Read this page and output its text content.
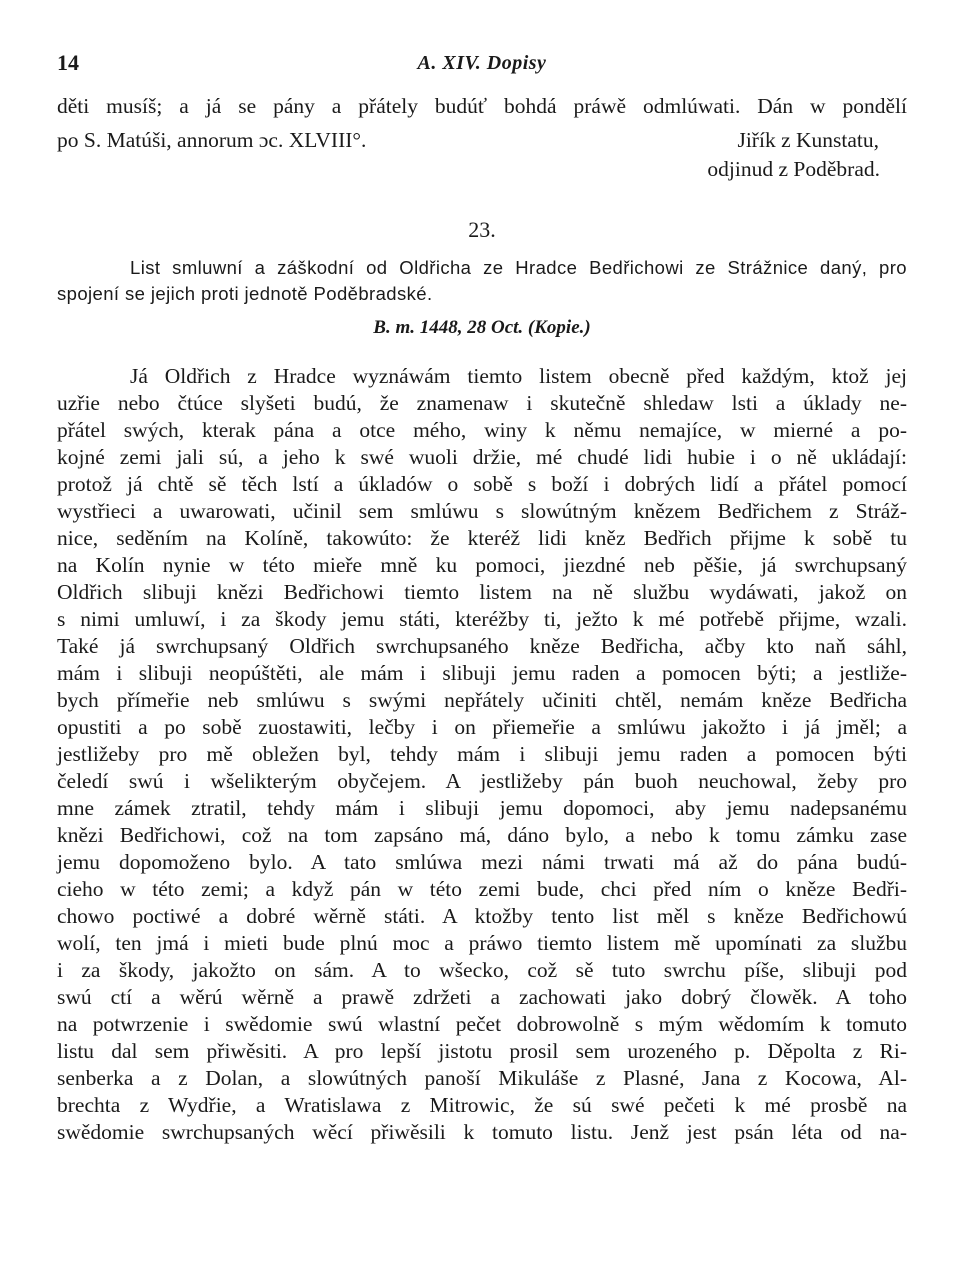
14	A. XIV. Dopisy
děti musíš; a já se pány a přátely budúť bohdá práwě odmlúwati. Dán w pondělí
po S. Matúši, annorum ɔc. XLVIII°.	Jiřík z Kunstatu,
odjinud z Poděbrad.
23.
List smluwní a záškodní od Oldřicha ze Hradce Bedřichowi ze Strážnice daný, pro
spojení se jejich proti jednotě Poděbradské.
B. m. 1448, 28 Oct. (Kopie.)
Já Oldřich z Hradce wyznáwám tiemto listem obecně před každým, ktož jej
uzřie nebo čtúce slyšeti budú, že znamenaw i skutečně shledaw lsti a úklady ne-
přátel swých, kterak pána a otce mého, winy k němu nemajíce, w mierné a po-
kojné zemi jali sú, a jeho k swé wuoli držie, mé chudé lidi hubie i o ně ukládají:
protož já chtě sě těch lstí a úkladów o sobě s boží i dobrých lidí a přátel pomocí
wystřieci a uwarowati, učinil sem smlúwu s slowútným knězem Bedřichem z Stráž-
nice, seděním na Kolíně, takowúto: že kteréž lidi kněz Bedřich přijme k sobě tu
na Kolín nynie w této mieře mně ku pomoci, jiezdné neb pěšie, já swrchupsaný
Oldřich slibuji knězi Bedřichowi tiemto listem na ně službu wydáwati, jakož on
s nimi umluwí, i za škody jemu státi, kteréžby ti, ježto k mé potřebě přijme, wzali.
Také já swrchupsaný Oldřich swrchupsaného kněze Bedřicha, ačby kto naň sáhl,
mám i slibuji neopúštěti, ale mám i slibuji jemu raden a pomocen býti; a jestliže-
bych přímeřie neb smlúwu s swými nepřátely učiniti chtěl, nemám kněze Bedřicha
opustiti a po sobě zuostawiti, lečby i on přiemeřie a smlúwu jakožto i já jměl; a
jestližeby pro mě obležen byl, tehdy mám i slibuji jemu raden a pomocen býti
čeledí swú i wšelikterým obyčejem. A jestližeby pán buoh neuchowal, žeby pro
mne zámek ztratil, tehdy mám i slibuji jemu dopomoci, aby jemu nadepsanému
knězi Bedřichowi, což na tom zapsáno má, dáno bylo, a nebo k tomu zámku zase
jemu dopomoženo bylo. A tato smlúwa mezi námi trwati má až do pána budú-
cieho w této zemi; a když pán w této zemi bude, chci před ním o kněze Bedři-
chowo poctiwé a dobré wěrně státi. A ktožby tento list měl s kněze Bedřichowú
wolí, ten jmá i mieti bude plnú moc a práwo tiemto listem mě upomínati za službu
i za škody, jakožto on sám. A to wšecko, což sě tuto swrchu píše, slibuji pod
swú ctí a wěrú wěrně a prawě zdržeti a zachowati jako dobrý člowěk. A toho
na potwrzenie i swědomie swú wlastní pečet dobrowolně s mým wědomím k tomuto
listu dal sem přiwěsiti. A pro lepší jistotu prosil sem urozeného p. Děpolta z Ri-
senberka a z Dolan, a slowútných panoší Mikuláše z Plasné, Jana z Kocowa, Al-
brechta z Wydřie, a Wratislawa z Mitrowic, že sú swé pečeti k mé prosbě na
swědomie swrchupsaných wěcí přiwěsili k tomuto listu. Jenž jest psán léta od na-
